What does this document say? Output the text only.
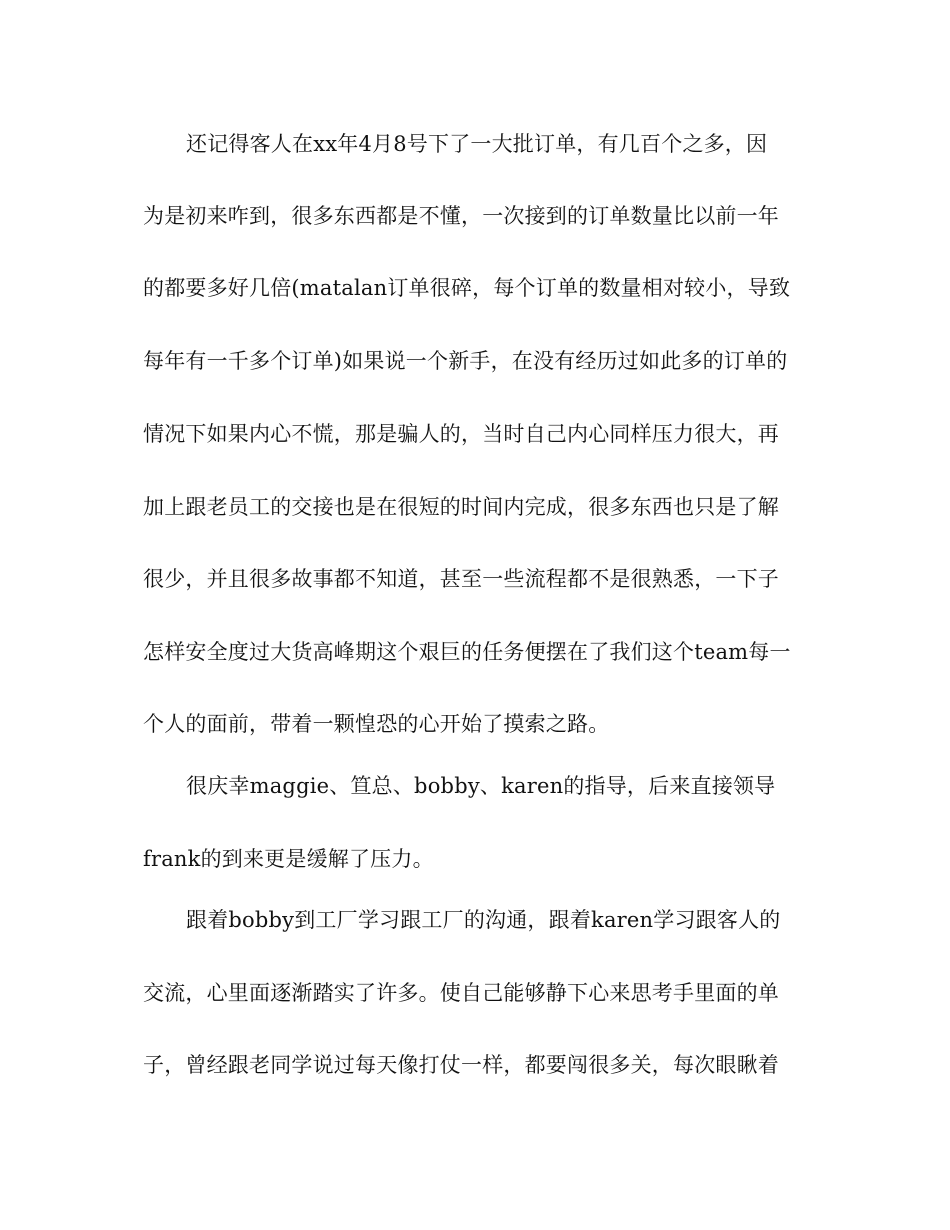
还记得客人在xx年4月8号下了一大批订单，有几百个之多，因
为是初来咋到，很多东西都是不懂，一次接到的订单数量比以前一年
的都要多好几倍(matalan订单很碎，每个订单的数量相对较小，导致
每年有一千多个订单)如果说一个新手，在没有经历过如此多的订单的
情况下如果内心不慌，那是骗人的，当时自己内心同样压力很大，再
加上跟老员工的交接也是在很短的时间内完成，很多东西也只是了解
很少，并且很多故事都不知道，甚至一些流程都不是很熟悉，一下子
怎样安全度过大货高峰期这个艰巨的任务便摆在了我们这个team每一
个人的面前，带着一颗惶恐的心开始了摸索之路。
很庆幸maggie、笪总、bobby、karen的指导，后来直接领导
frank的到来更是缓解了压力。
跟着bobby到工厂学习跟工厂的沟通，跟着karen学习跟客人的
交流，心里面逐渐踏实了许多。使自己能够静下心来思考手里面的单
子，曾经跟老同学说过每天像打仗一样，都要闯很多关，每次眼瞅着
